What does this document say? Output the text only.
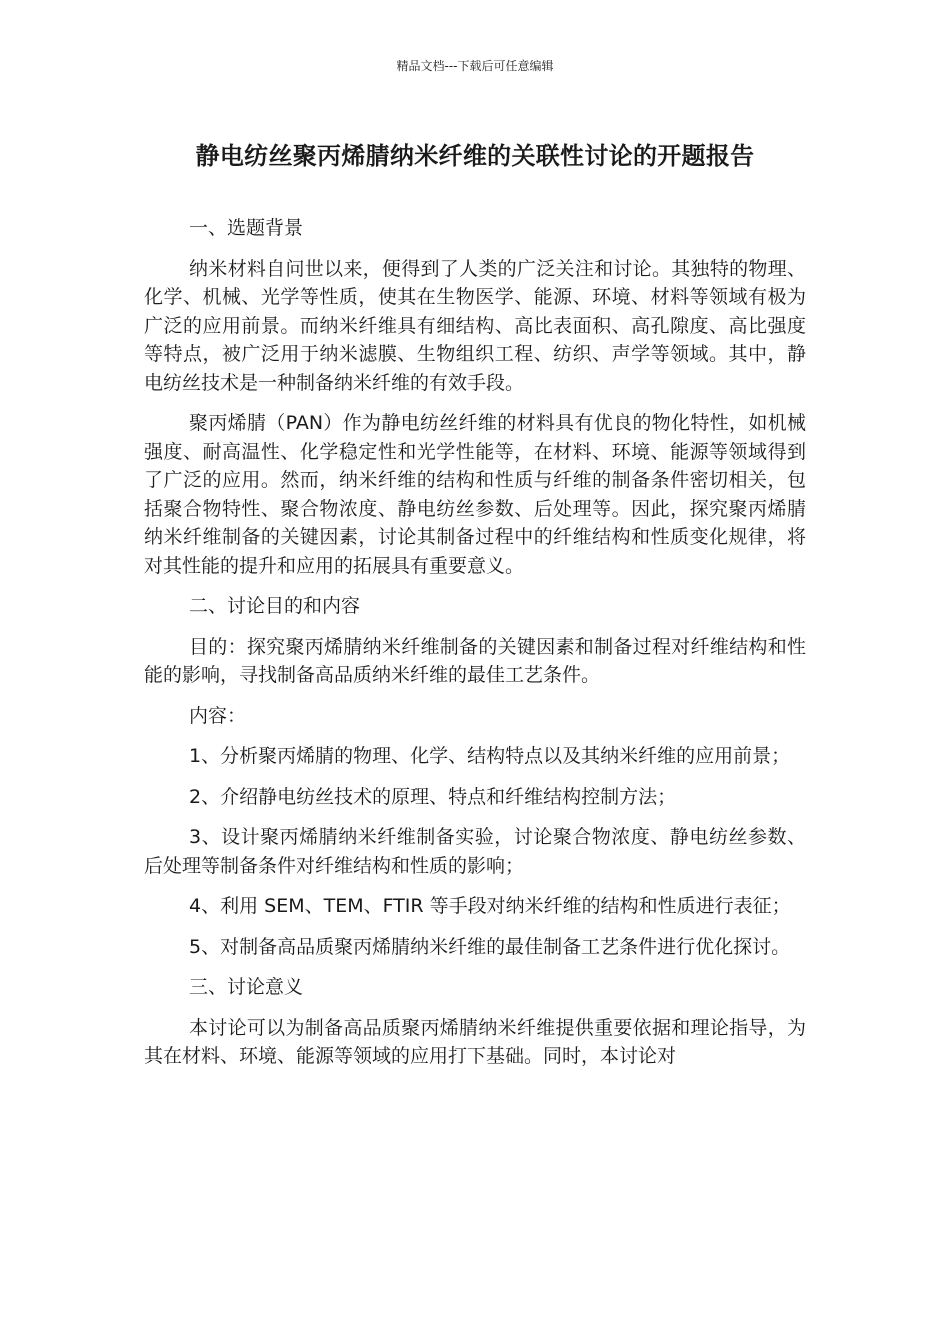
精品文档---下载后可任意编辑
静电纺丝聚丙烯腈纳米纤维的关联性讨论的开题报告

一、选题背景

纳米材料自问世以来，便得到了人类的广泛关注和讨论。其独特的物理、化学、机械、光学等性质，使其在生物医学、能源、环境、材料等领域有极为广泛的应用前景。而纳米纤维具有细结构、高比表面积、高孔隙度、高比强度等特点，被广泛用于纳米滤膜、生物组织工程、纺织、声学等领域。其中，静电纺丝技术是一种制备纳米纤维的有效手段。

聚丙烯腈（PAN）作为静电纺丝纤维的材料具有优良的物化特性，如机械强度、耐高温性、化学稳定性和光学性能等，在材料、环境、能源等领域得到了广泛的应用。然而，纳米纤维的结构和性质与纤维的制备条件密切相关，包括聚合物特性、聚合物浓度、静电纺丝参数、后处理等。因此，探究聚丙烯腈纳米纤维制备的关键因素，讨论其制备过程中的纤维结构和性质变化规律，将对其性能的提升和应用的拓展具有重要意义。

二、讨论目的和内容

目的：探究聚丙烯腈纳米纤维制备的关键因素和制备过程对纤维结构和性能的影响，寻找制备高品质纳米纤维的最佳工艺条件。

内容：

1、分析聚丙烯腈的物理、化学、结构特点以及其纳米纤维的应用前景；

2、介绍静电纺丝技术的原理、特点和纤维结构控制方法；

3、设计聚丙烯腈纳米纤维制备实验，讨论聚合物浓度、静电纺丝参数、后处理等制备条件对纤维结构和性质的影响；

4、利用 SEM、TEM、FTIR 等手段对纳米纤维的结构和性质进行表征；

5、对制备高品质聚丙烯腈纳米纤维的最佳制备工艺条件进行优化探讨。

三、讨论意义

本讨论可以为制备高品质聚丙烯腈纳米纤维提供重要依据和理论指导，为其在材料、环境、能源等领域的应用打下基础。同时，本讨论对
